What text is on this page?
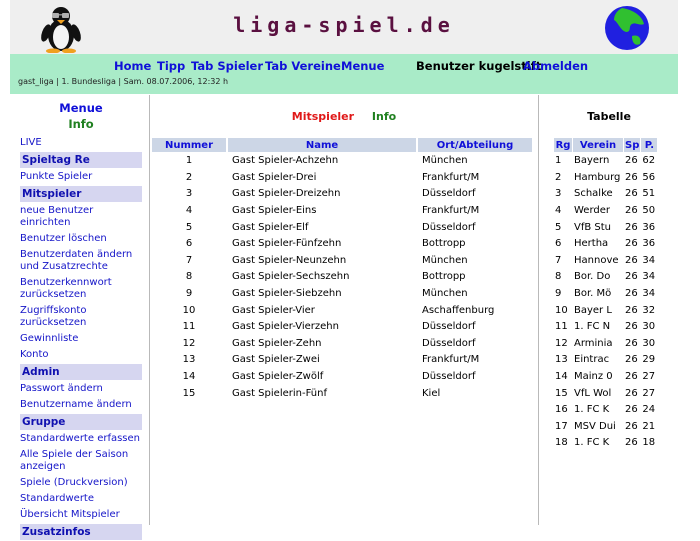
liga-spiel.de
Home Tipp Tab Spieler Tab Vereine Menue	Benutzer kugelstift
Abmelden
gast_liga | 1. Bundesliga | Sam. 08.07.2006, 12:32 h
Menue
Info
LIVE
Spieltag Re
Punkte Spieler
Mitspieler
neue Benutzer einrichten
Benutzer löschen
Benutzerdaten ändern und Zusatzrechte
Benutzerkennwort zurücksetzen
Zugriffskonto zurücksetzen
Gewinnliste
Konto
Admin
Passwort ändern
Benutzername ändern
Gruppe
Standardwerte erfassen
Alle Spiele der Saison anzeigen
Spiele (Druckversion)
Standardwerte
Übersicht Mitspieler
Zusatzinfos
Mitspieler Info
Nummer	Name	Ort/Abteilung
1	Gast Spieler-Achzehn	München
2	Gast Spieler-Drei	Frankfurt/M
3	Gast Spieler-Dreizehn	Düsseldorf
4	Gast Spieler-Eins	Frankfurt/M
5	Gast Spieler-Elf	Düsseldorf
6	Gast Spieler-Fünfzehn	Bottropp
7	Gast Spieler-Neunzehn	München
8	Gast Spieler-Sechszehn	Bottropp
9	Gast Spieler-Siebzehn	München
10	Gast Spieler-Vier	Aschaffenburg
11	Gast Spieler-Vierzehn	Düsseldorf
12	Gast Spieler-Zehn	Düsseldorf
13	Gast Spieler-Zwei	Frankfurt/M
14	Gast Spieler-Zwölf	Düsseldorf
15	Gast Spielerin-Fünf	Kiel
Tabelle
Rg	Verein	Sp	P.
1	Bayern	26	62
2	Hamburg	26	56
3	Schalke	26	51
4	Werder	26	50
5	VfB Stu	26	36
6	Hertha	26	36
7	Hannove	26	34
8	Bor. Do	26	34
9	Bor. Mö	26	34
10	Bayer L	26	32
11	1. FC N	26	30
12	Arminia	26	30
13	Eintrac	26	29
14	Mainz 0	26	27
15	VfL Wol	26	27
16	1. FC K	26	24
17	MSV Dui	26	21
18	1. FC K	26	18
